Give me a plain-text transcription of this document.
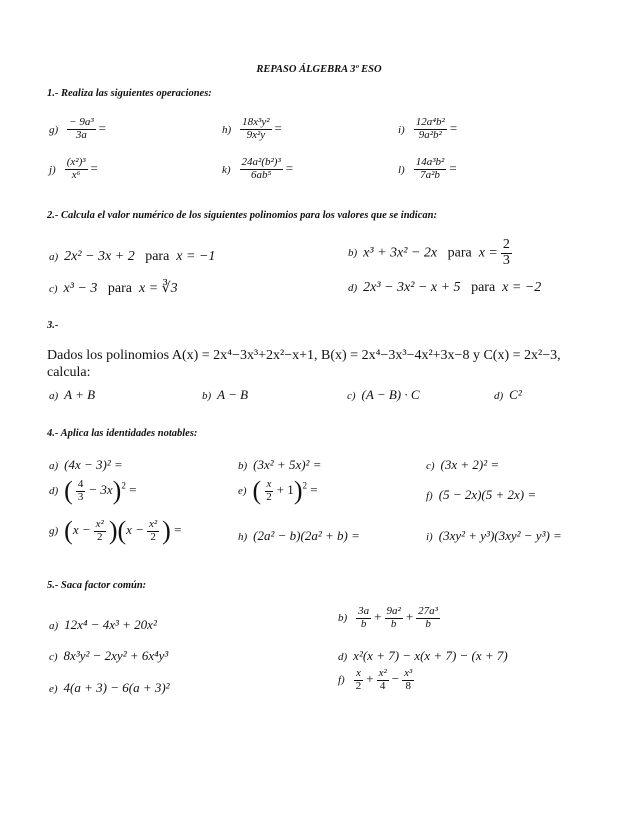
REPASO ÁLGEBRA 3º ESO
1.- Realiza las siguientes operaciones:
$g) \frac{\text{− 9a³}}{3a}$ =	$h) \frac{\text{18x³y²}}{\text{9x²y}}$ =	$i) \frac{\text{12a⁴b²}}{\text{9a²b²}}$ =
$j) \frac{\text{(x²)³}}{\text{x⁶}}$ =	$k) \frac{\text{24a²(b²)³}}{\text{6ab⁵}}$ =	$l) \frac{\text{14a³b²}}{\text{7a²b}}$ =
2.- Calcula el valor numérico de los siguientes polinomios para los valores que se indican:
a) 2x² − 3x + 2 para x = −1	b) x³ + 3x² − 2x para $x = \frac{2}{3}$
c) x³ − 3 para x = ∛3	d) 2x³ − 3x² − x + 5 para x = −2
3.-
Dados los polinomios A(x) = 2x⁴−3x³+2x²−x+1, B(x) = 2x⁴−3x³−4x²+3x−8 y C(x) = 2x²−3,
calcula:
a) A + B	b) A − B	c) (A − B) · C	d) C²
4.- Aplica las identidades notables:
a) (4x − 3)² =	b) (3x² + 5x)² =	c) (3x + 2)² =
d) ( $\frac{4}{3} - 3x)^2$ =	e) ( $\frac{x}{2} + 1)^2$ =	f) (5 − 2x)(5 + 2x) =
g) $(x - \frac{\text{x²}}{2} )(x - \frac{\text{x²}}{2}$ ) =
h) (2a² − b)(2a² + b) =	i) (3xy² + y³)(3xy² − y³) =
5.- Saca factor común:
a) 12x⁴ − 4x³ + 20x²	$b) \frac{3a}{b} + \frac{\text{9a²}}{b} + \frac{\text{27a³}}{b}$
c) 8x³y² − 2xy² + 6x⁴y³	d) x²(x + 7) − x(x + 7) − (x + 7)
e) 4(a + 3) − 6(a + 3)²	$f) \frac{x}{2} + \frac{\text{x²}}{4} - \frac{\text{x³}}{8}$
